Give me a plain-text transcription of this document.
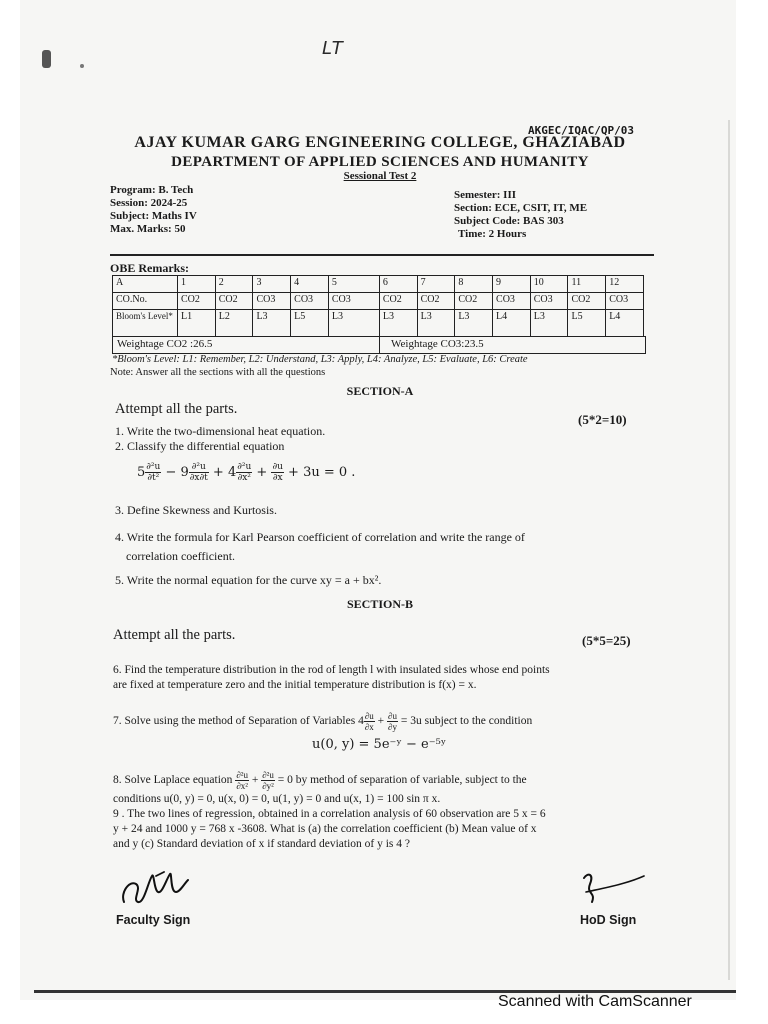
LT
AKGEC/IQAC/QP/03
AJAY KUMAR GARG ENGINEERING COLLEGE, GHAZIABAD
DEPARTMENT OF APPLIED SCIENCES AND HUMANITY
Sessional Test 2
Program: B. Tech
Session: 2024-25
Subject: Maths IV
Max. Marks: 50
Semester: III
Section: ECE, CSIT, IT, ME
Subject Code: BAS 303
Time: 2 Hours
OBE Remarks:
A	1	2	3	4	5	6	7	8	9	10	11	12
CO.No.	CO2	CO2	CO3	CO3	CO3	CO2	CO2	CO2	CO3	CO3	CO2	CO3
Bloom's Level*	L1	L2	L3	L5	L3	L3	L3	L3	L4	L3	L5	L4
Weightage CO2 :26.5	Weightage CO3:23.5
*Bloom's Level: L1: Remember, L2: Understand, L3: Apply, L4: Analyze, L5: Evaluate, L6: Create
Note: Answer all the sections with all the questions
SECTION-A
Attempt all the parts.
(5*2=10)
1. Write the two-dimensional heat equation.
2. Classify the differential equation
$5 \frac{\text{∂²u}}{\text{∂t²}} - 9 \frac{\text{∂²u}}{\partial x\partial t} + 4 \frac{\text{∂²u}}{\text{∂x²}} + \frac{\partial u}{\partial x} + 3u = 0$ .
3. Define Skewness and Kurtosis.
4. Write the formula for Karl Pearson coefficient of correlation and write the range of
correlation coefficient.
5. Write the normal equation for the curve xy = a + bx².
SECTION-B
Attempt all the parts.	(5*5=25)
6. Find the temperature distribution in the rod of length l with insulated sides whose end points
are fixed at temperature zero and the initial temperature distribution is f(x) = x.
7. Solve using the method of Separation of Variables $4 \frac{\partial u}{\partial x} + \frac{\partial u}{\partial y} = 3u$ subject to the condition
u(0, y) = 5e⁻ʸ − e⁻⁵ʸ
8. Solve Laplace equation $\frac{\text{∂²u}}{\text{∂x²}} + \frac{\text{∂²u}}{\text{∂y²}} = 0$ by method of separation of variable, subject to the
conditions u(0, y) = 0, u(x, 0) = 0, u(1, y) = 0 and u(x, 1) = 100 sin π x.
9 . The two lines of regression, obtained in a correlation analysis of 60 observation are 5 x = 6
y + 24 and 1000 y = 768 x -3608. What is (a) the correlation coefficient (b) Mean value of x
and y (c) Standard deviation of x if standard deviation of y is 4 ?
Faculty Sign	HoD Sign
Scanned with CamScanner
